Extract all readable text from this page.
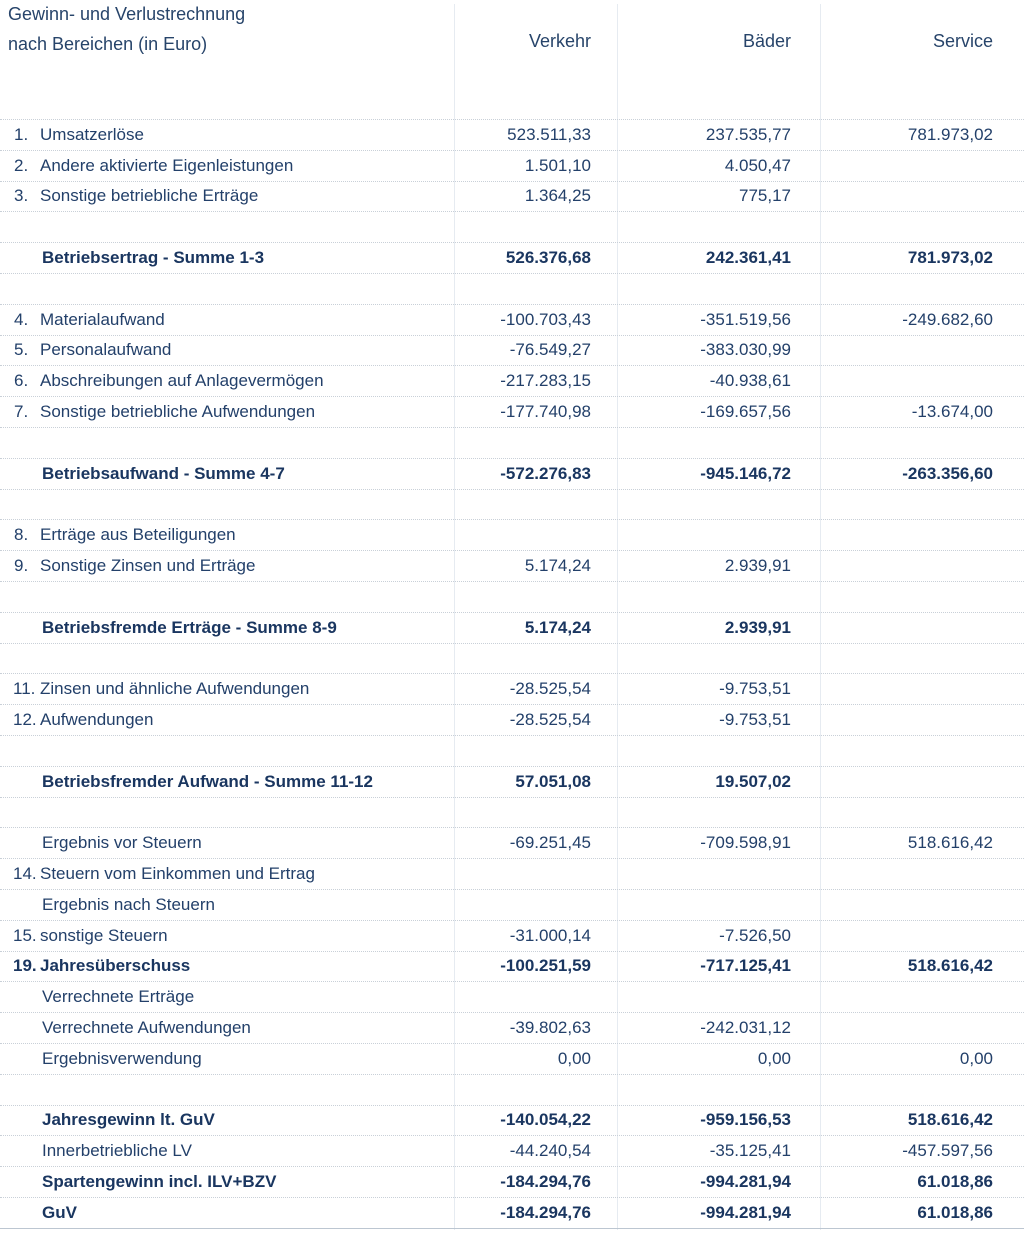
Gewinn- und Verlustrechnung
nach Bereichen (in Euro)	Verkehr	Bäder	Service
1. Umsatzerlöse	523.511,33	237.535,77	781.973,02
2. Andere aktivierte Eigenleistungen	1.501,10	4.050,47
3. Sonstige betriebliche Erträge	1.364,25	775,17
Betriebsertrag - Summe 1-3	526.376,68	242.361,41	781.973,02
4. Materialaufwand	-100.703,43	-351.519,56	-249.682,60
5. Personalaufwand	-76.549,27	-383.030,99
6. Abschreibungen auf Anlagevermögen	-217.283,15	-40.938,61
7. Sonstige betriebliche Aufwendungen	-177.740,98	-169.657,56	-13.674,00
Betriebsaufwand - Summe 4-7	-572.276,83	-945.146,72	-263.356,60
8. Erträge aus Beteiligungen
9. Sonstige Zinsen und Erträge	5.174,24	2.939,91
Betriebsfremde Erträge - Summe 8-9	5.174,24	2.939,91
11. Zinsen und ähnliche Aufwendungen	-28.525,54	-9.753,51
12. Aufwendungen	-28.525,54	-9.753,51
Betriebsfremder Aufwand - Summe 11-12	57.051,08	19.507,02
Ergebnis vor Steuern	-69.251,45	-709.598,91	518.616,42
14. Steuern vom Einkommen und Ertrag
Ergebnis nach Steuern
15. sonstige Steuern	-31.000,14	-7.526,50
19. Jahresüberschuss	-100.251,59	-717.125,41	518.616,42
Verrechnete Erträge
Verrechnete Aufwendungen	-39.802,63	-242.031,12
Ergebnisverwendung	0,00	0,00	0,00
Jahresgewinn lt. GuV	-140.054,22	-959.156,53	518.616,42
Innerbetriebliche LV	-44.240,54	-35.125,41	-457.597,56
Spartengewinn incl. ILV+BZV	-184.294,76	-994.281,94	61.018,86
GuV	-184.294,76	-994.281,94	61.018,86
